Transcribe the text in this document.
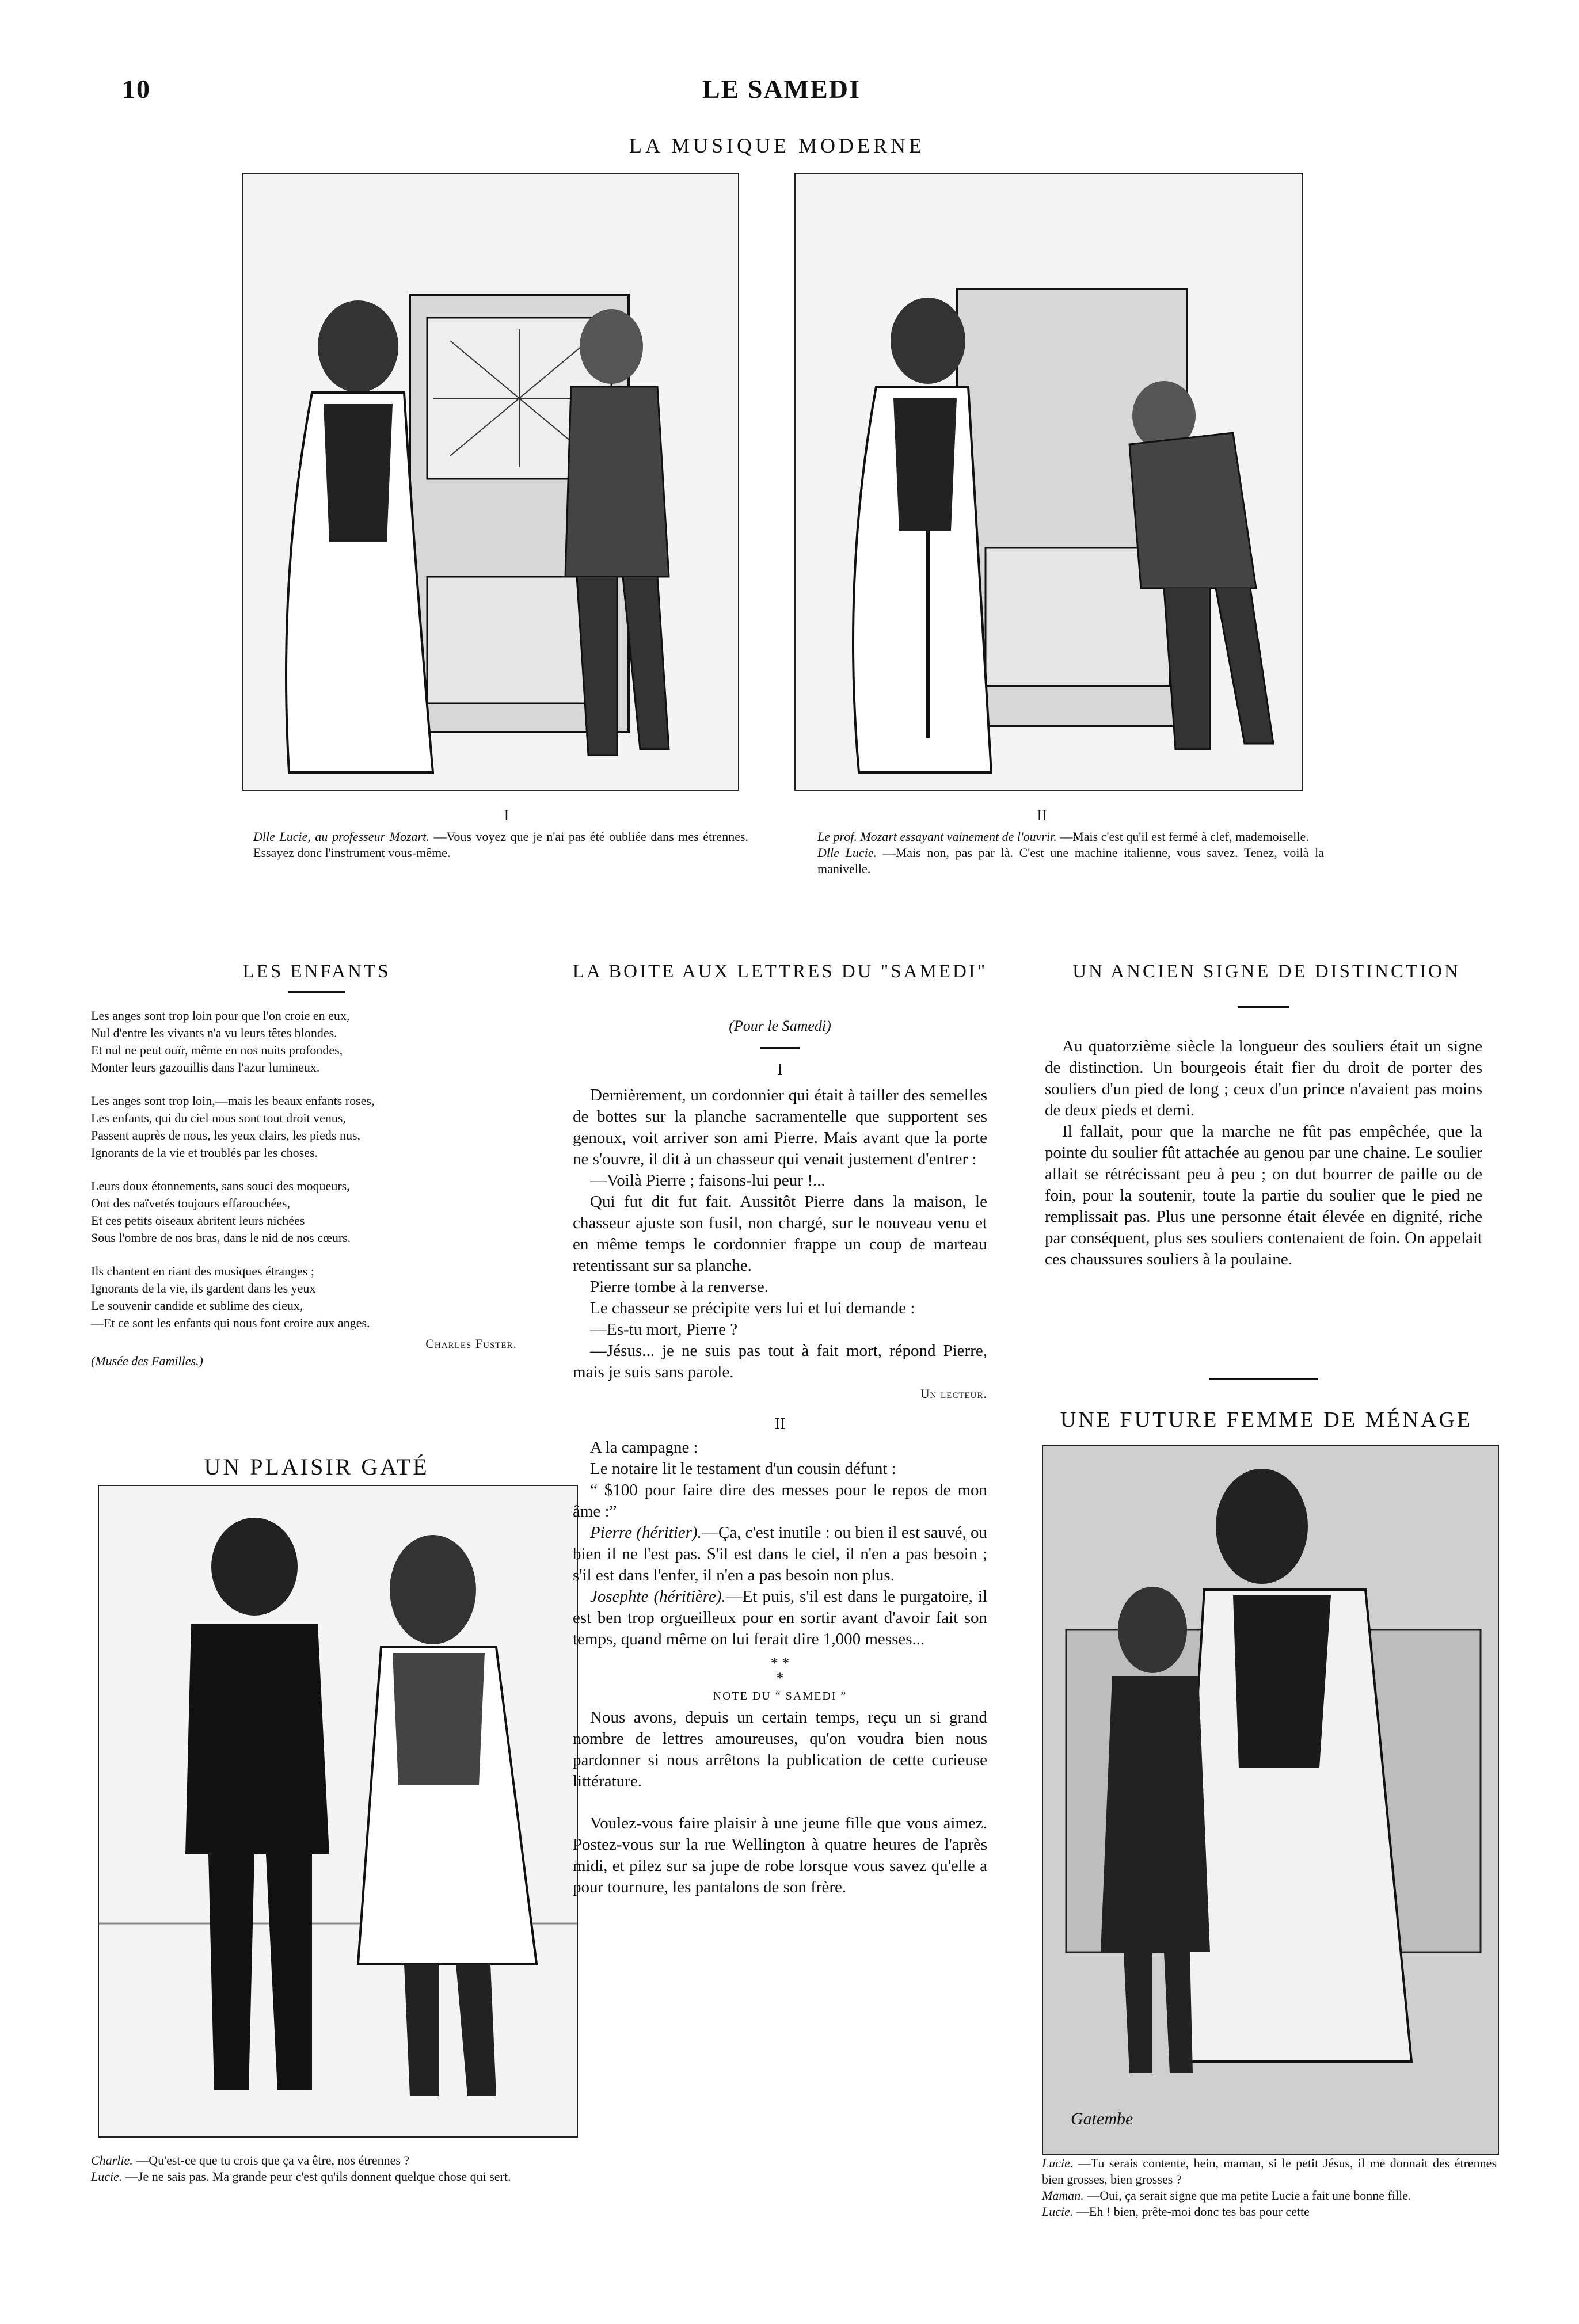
10	LE SAMEDI
LA MUSIQUE MODERNE
I
Dlle Lucie, au professeur Mozart. —Vous voyez que je n'ai pas été oubliée dans mes étrennes. Essayez donc l'instrument vous-même.
II
Le prof. Mozart essayant vainement de l'ouvrir. —Mais c'est qu'il est fermé à clef, mademoiselle.
Dlle Lucie. —Mais non, pas par là. C'est une machine italienne, vous savez. Tenez, voilà la manivelle.
LES ENFANTS

Les anges sont trop loin pour que l'on croie en eux,

Nul d'entre les vivants n'a vu leurs têtes blondes.

Et nul ne peut ouïr, même en nos nuits profondes,

Monter leurs gazouillis dans l'azur lumineux.

Les anges sont trop loin,—mais les beaux enfants roses,

Les enfants, qui du ciel nous sont tout droit venus,

Passent auprès de nous, les yeux clairs, les pieds nus,

Ignorants de la vie et troublés par les choses.

Leurs doux étonnements, sans souci des moqueurs,

Ont des naïvetés toujours effarouchées,

Et ces petits oiseaux abritent leurs nichées

Sous l'ombre de nos bras, dans le nid de nos cœurs.

Ils chantent en riant des musiques étranges ;

Ignorants de la vie, ils gardent dans les yeux

Le souvenir candide et sublime des cieux,

—Et ce sont les enfants qui nous font croire aux anges.

Charles Fuster.

(Musée des Familles.)

UN PLAISIR GATÉ
Charlie. —Qu'est-ce que tu crois que ça va être, nos étrennes ?
Lucie. —Je ne sais pas. Ma grande peur c'est qu'ils donnent quelque chose qui sert.
LA BOITE AUX LETTRES DU "SAMEDI"
(Pour le Samedi)

I

Dernièrement, un cordonnier qui était à tailler des semelles de bottes sur la planche sacramentelle que supportent ses genoux, voit arriver son ami Pierre. Mais avant que la porte ne s'ouvre, il dit à un chasseur qui venait justement d'entrer :

—Voilà Pierre ; faisons-lui peur !...

Qui fut dit fut fait. Aussitôt Pierre dans la maison, le chasseur ajuste son fusil, non chargé, sur le nouveau venu et en même temps le cordonnier frappe un coup de marteau retentissant sur sa planche.

Pierre tombe à la renverse.

Le chasseur se précipite vers lui et lui demande :

—Es-tu mort, Pierre ?

—Jésus... je ne suis pas tout à fait mort, répond Pierre, mais je suis sans parole.

Un lecteur.

II

A la campagne :

Le notaire lit le testament d'un cousin défunt :

“ $100 pour faire dire des messes pour le repos de mon âme :”

Pierre (héritier).—Ça, c'est inutile : ou bien il est sauvé, ou bien il ne l'est pas. S'il est dans le ciel, il n'en a pas besoin ; s'il est dans l'enfer, il n'en a pas besoin non plus.

Josephte (héritière).—Et puis, s'il est dans le purgatoire, il est ben trop orgueilleux pour en sortir avant d'avoir fait son temps, quand même on lui ferait dire 1,000 messes...

* *
*

NOTE DU “ SAMEDI ”

Nous avons, depuis un certain temps, reçu un si grand nombre de lettres amoureuses, qu'on voudra bien nous pardonner si nous arrêtons la publication de cette curieuse littérature.

Voulez-vous faire plaisir à une jeune fille que vous aimez. Postez-vous sur la rue Wellington à quatre heures de l'après midi, et pilez sur sa jupe de robe lorsque vous savez qu'elle a pour tournure, les pantalons de son frère.

UN ANCIEN SIGNE DE DISTINCTION

Au quatorzième siècle la longueur des souliers était un signe de distinction. Un bourgeois était fier du droit de porter des souliers d'un pied de long ; ceux d'un prince n'avaient pas moins de deux pieds et demi.

Il fallait, pour que la marche ne fût pas empêchée, que la pointe du soulier fût attachée au genou par une chaine. Le soulier allait se rétrécissant peu à peu ; on dut bourrer de paille ou de foin, pour la soutenir, toute la partie du soulier que le pied ne remplissait pas. Plus une personne était élevée en dignité, riche par conséquent, plus ses souliers contenaient de foin. On appelait ces chaussures souliers à la poulaine.

UNE FUTURE FEMME DE MÉNAGE
Gatembe
Lucie. —Tu serais contente, hein, maman, si le petit Jésus, il me donnait des étrennes bien grosses, bien grosses ?
Maman. —Oui, ça serait signe que ma petite Lucie a fait une bonne fille.
Lucie. —Eh ! bien, prête-moi donc tes bas pour cette
